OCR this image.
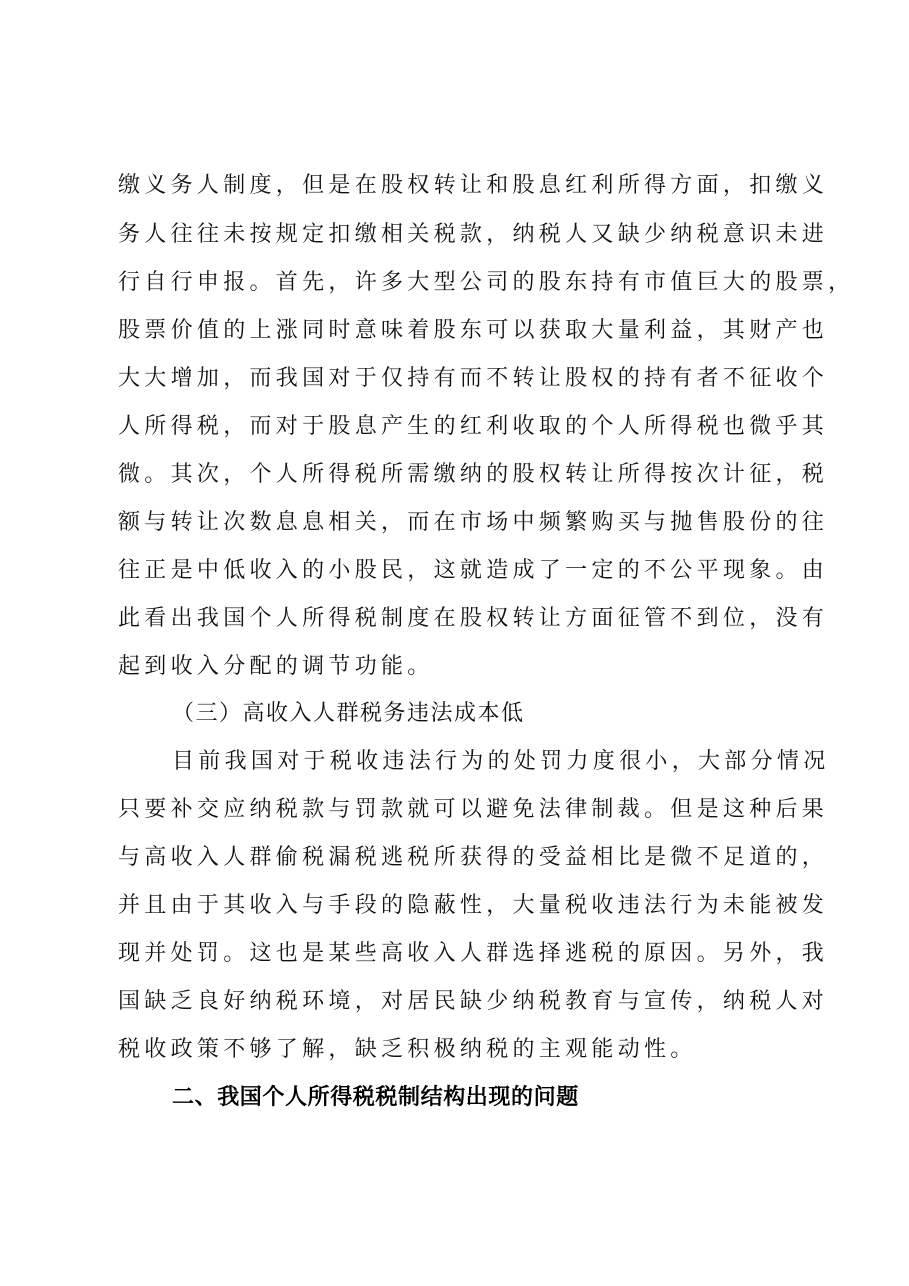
缴义务人制度，但是在股权转让和股息红利所得方面，扣缴义
务人往往未按规定扣缴相关税款，纳税人又缺少纳税意识未进
行自行申报。首先，许多大型公司的股东持有市值巨大的股票，
股票价值的上涨同时意味着股东可以获取大量利益，其财产也
大大增加，而我国对于仅持有而不转让股权的持有者不征收个
人所得税，而对于股息产生的红利收取的个人所得税也微乎其
微。其次，个人所得税所需缴纳的股权转让所得按次计征，税
额与转让次数息息相关，而在市场中频繁购买与抛售股份的往
往正是中低收入的小股民，这就造成了一定的不公平现象。由
此看出我国个人所得税制度在股权转让方面征管不到位，没有
起到收入分配的调节功能。
（三）高收入人群税务违法成本低
目前我国对于税收违法行为的处罚力度很小，大部分情况
只要补交应纳税款与罚款就可以避免法律制裁。但是这种后果
与高收入人群偷税漏税逃税所获得的受益相比是微不足道的，
并且由于其收入与手段的隐蔽性，大量税收违法行为未能被发
现并处罚。这也是某些高收入人群选择逃税的原因。另外，我
国缺乏良好纳税环境，对居民缺少纳税教育与宣传，纳税人对
税收政策不够了解，缺乏积极纳税的主观能动性。
二、我国个人所得税税制结构出现的问题
